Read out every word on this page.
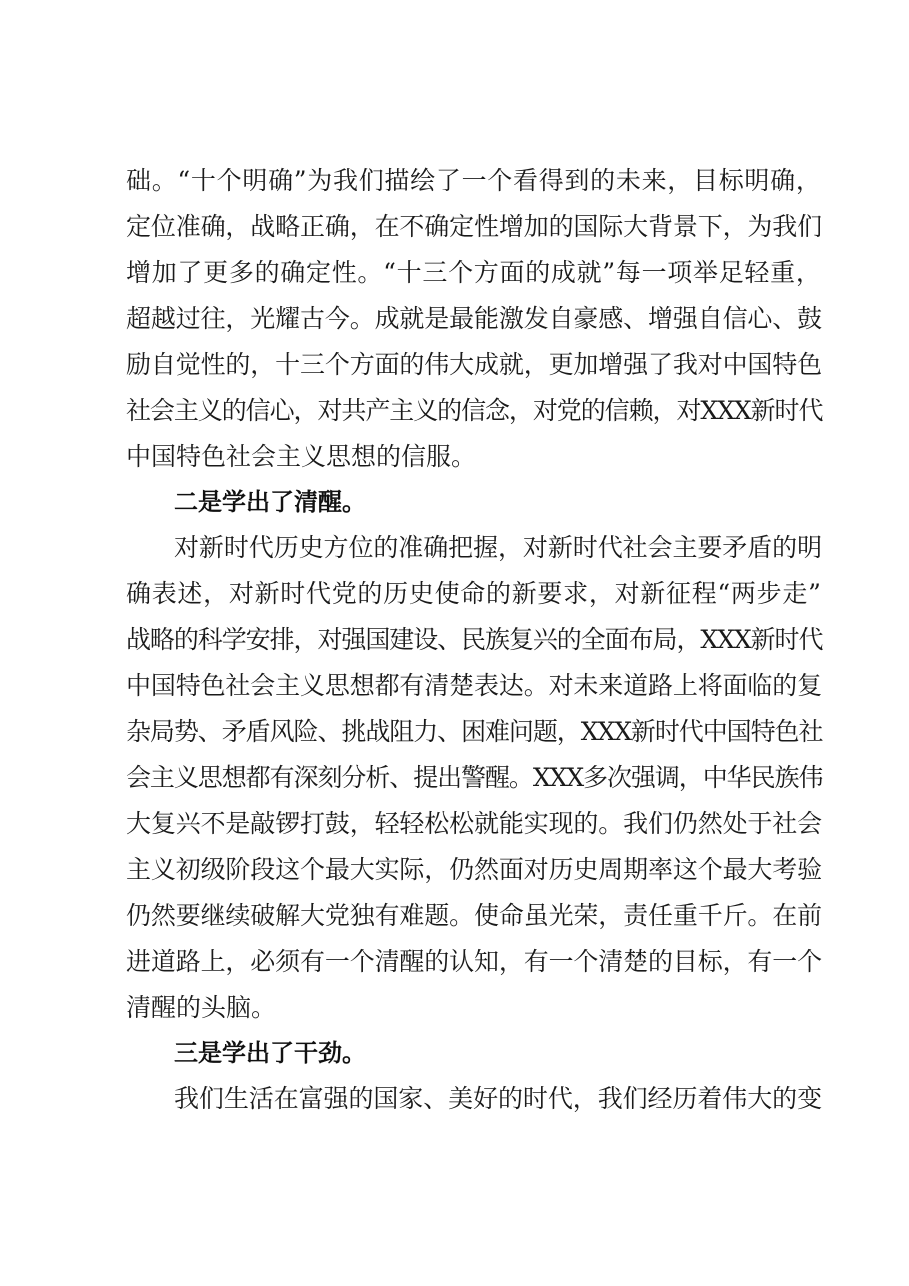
础。“十个明确”为我们描绘了一个看得到的未来，目标明确，
定位准确，战略正确，在不确定性增加的国际大背景下，为我们
增加了更多的确定性。“十三个方面的成就”每一项举足轻重，
超越过往，光耀古今。成就是最能激发自豪感、增强自信心、鼓
励自觉性的，十三个方面的伟大成就，更加增强了我对中国特色
社会主义的信心，对共产主义的信念，对党的信赖，对XXX新时代
中国特色社会主义思想的信服。
二是学出了清醒。
对新时代历史方位的准确把握，对新时代社会主要矛盾的明
确表述，对新时代党的历史使命的新要求，对新征程“两步走”
战略的科学安排，对强国建设、民族复兴的全面布局，XXX新时代
中国特色社会主义思想都有清楚表达。对未来道路上将面临的复
杂局势、矛盾风险、挑战阻力、困难问题，XXX新时代中国特色社
会主义思想都有深刻分析、提出警醒。XXX多次强调，中华民族伟
大复兴不是敲锣打鼓，轻轻松松就能实现的。我们仍然处于社会
主义初级阶段这个最大实际，仍然面对历史周期率这个最大考验
仍然要继续破解大党独有难题。使命虽光荣，责任重千斤。在前
进道路上，必须有一个清醒的认知，有一个清楚的目标，有一个
清醒的头脑。
三是学出了干劲。
我们生活在富强的国家、美好的时代，我们经历着伟大的变
